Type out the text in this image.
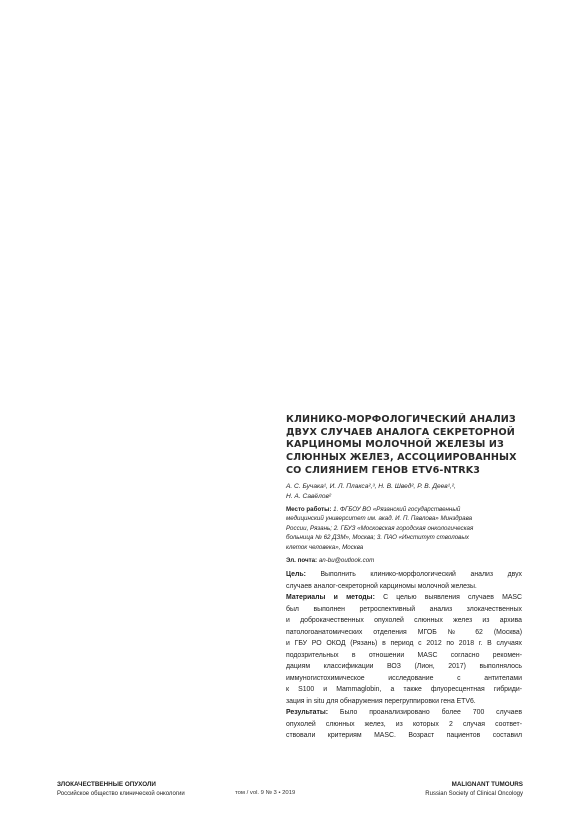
КЛИНИКО-МОРФОЛОГИЧЕСКИЙ АНАЛИЗ
ДВУХ СЛУЧАЕВ АНАЛОГА СЕКРЕТОРНОЙ
КАРЦИНОМЫ МОЛОЧНОЙ ЖЕЛЕЗЫ ИЗ
СЛЮННЫХ ЖЕЛЕЗ, АССОЦИИРОВАННЫХ
СО СЛИЯНИЕМ ГЕНОВ ETV6-NTRK3
А. С. Бучака¹, И. Л. Плакса²,³, Н. В. Швед², Р. В. Деев¹,²,
Н. А. Савёлов²
Место работы: 1. ФГБОУ ВО «Рязанский государственный
медицинский университет им. акад. И. П. Павлова» Минздрава
России, Рязань; 2. ГБУЗ «Московская городская онкологическая
больница № 62 ДЗМ», Москва; 3. ПАО «Институт стволовых
клеток человека», Москва
Эл. почта: an-bu@outlook.com
Цель: Выполнить клинико-морфологический анализ двух
случаев аналог-секреторной карциномы молочной железы.
Материалы и методы: С целью выявления случаев MASC
был выполнен ретроспективный анализ злокачественных
и доброкачественных опухолей слюнных желез из архива
патологоанатомических отделения МГОБ № 62 (Москва)
и ГБУ РО ОКОД (Рязань) в период с 2012 по 2018 г. В случаях
подозрительных в отношении MASC согласно рекомен-
дациям классификации ВОЗ (Лион, 2017) выполнялось
иммуногистохимическое исследование с антителами
к S100 и Mammaglobin, а также флуоресцентная гибриди-
зация in situ для обнаружения перегруппировки гена ETV6.
Результаты: Было проанализировано более 700 случаев
опухолей слюнных желез, из которых 2 случая соответ-
ствовали критериям MASC. Возраст пациентов составил
ЗЛОКАЧЕСТВЕННЫЕ ОПУХОЛИ
Российское общество клинической онкологии	том / vol. 9 № 3 • 2019
MALIGNANT TUMOURS
Russian Society of Clinical Oncology
